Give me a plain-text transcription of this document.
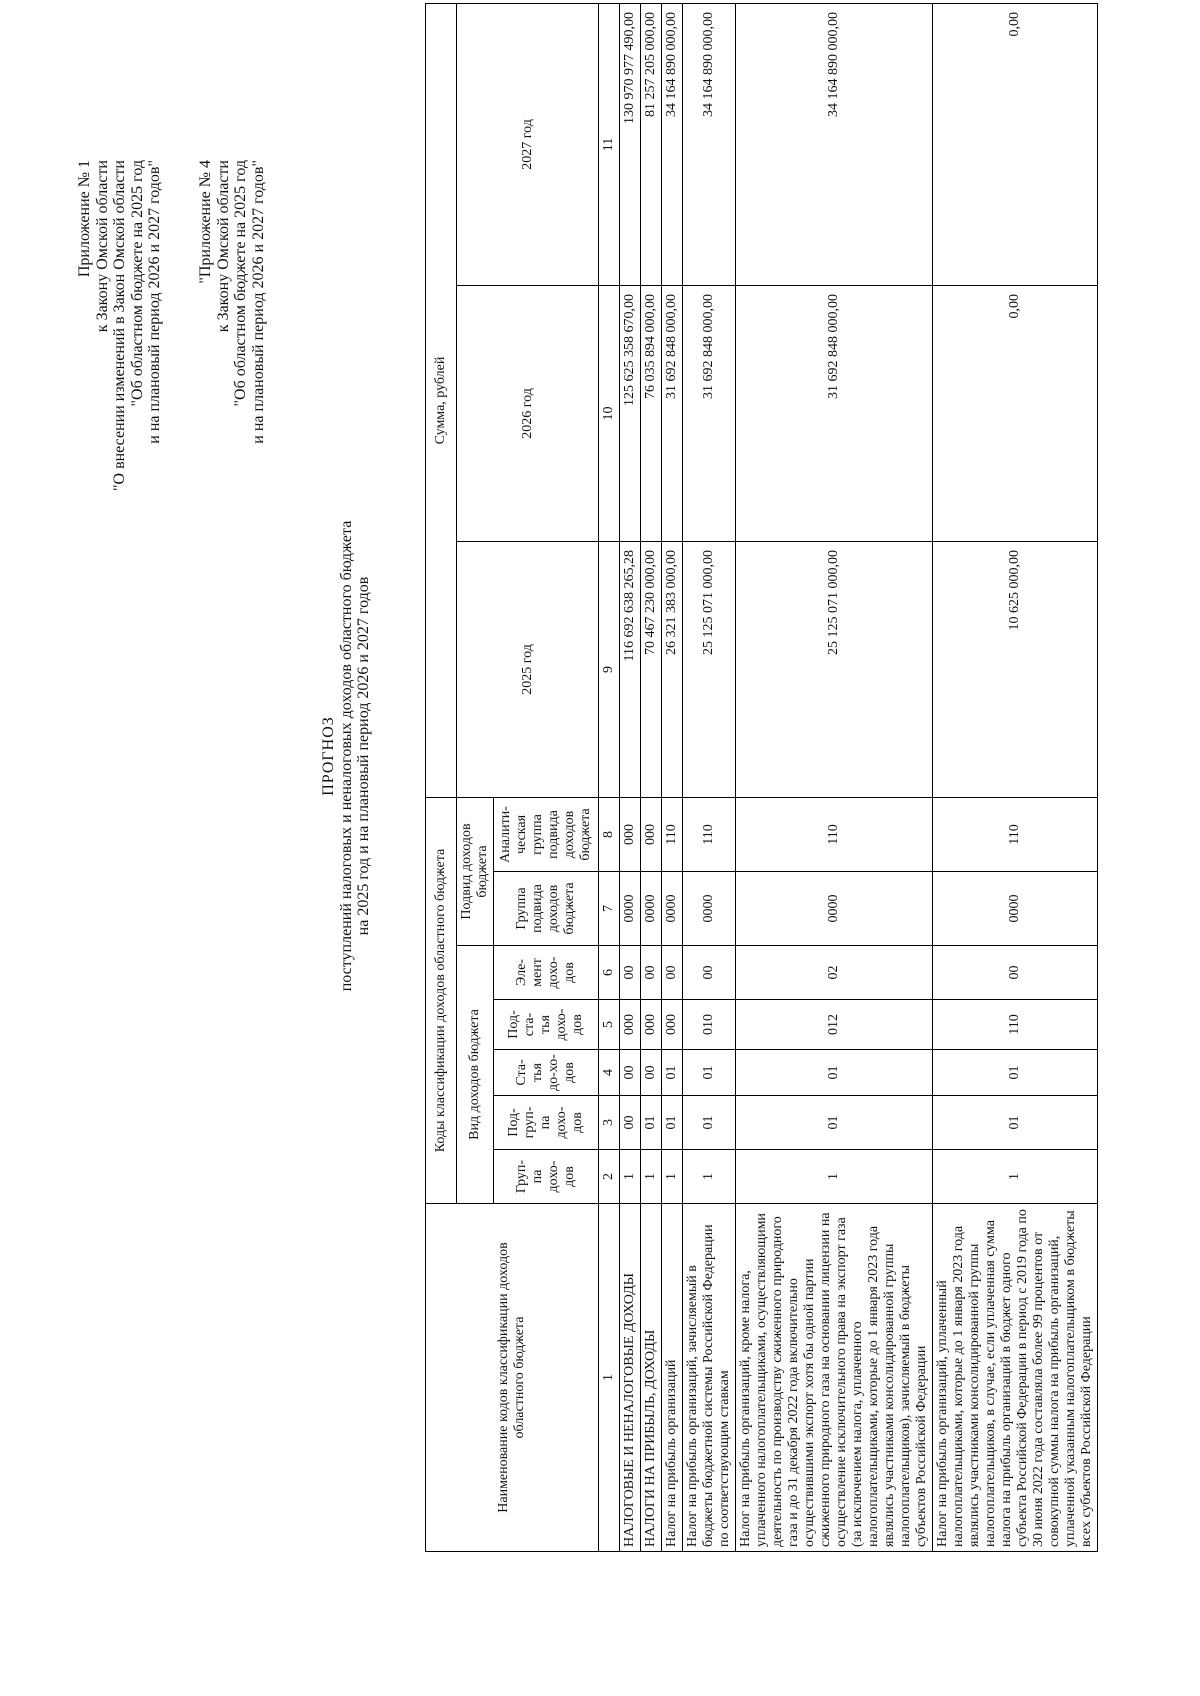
Приложение № 1 к Закону Омской области "О внесении изменений в Закон Омской области "Об областном бюджете на 2025 год и на плановый период 2026 и 2027 годов" "Приложение № 4 к Закону Омской области "Об областном бюджете на 2025 год и на плановый период 2026 и 2027 годов"
ПРОГНОЗ поступлений налоговых и неналоговых доходов областного бюджета на 2025 год и на плановый период 2026 и 2027 годов
Наименование кодов классификации доходов областного бюджета	Коды классификации доходов областного бюджета							Сумма, рублей		
	Вид доходов бюджета					Подвид доходов бюджета		2025 год	2026 год	2027 год
	Груп-па дохо-дов	Под-груп-па дохо-дов	Ста-тья до-хо-дов	Под-ста-тья дохо-дов	Эле-мент дохо-дов	Группа подвида доходов бюджета	Аналити-ческая группа подвида доходов бюджета			
1	2	3	4	5	6	7	8	9	10	11
НАЛОГОВЫЕ И НЕНАЛОГОВЫЕ ДОХОДЫ	1	00	00	000	00	0000	000	116 692 638 265,28	125 625 358 670,00	130 970 977 490,00
НАЛОГИ НА ПРИБЫЛЬ, ДОХОДЫ	1	01	00	000	00	0000	000	70 467 230 000,00	76 035 894 000,00	81 257 205 000,00
Налог на прибыль организаций	1	01	01	000	00	0000	110	26 321 383 000,00	31 692 848 000,00	34 164 890 000,00
Налог на прибыль организаций, зачисляемый в бюджеты бюджетной системы Российской Федерации по соответствующим ставкам	1	01	01	010	00	0000	110	25 125 071 000,00	31 692 848 000,00	34 164 890 000,00
Налог на прибыль организаций, кроме налога, уплаченного налогоплательщиками, осуществляющими деятельность по производству сжиженного природного газа и до 31 декабря 2022 года включительно осуществившими экспорт хотя бы одной партии сжиженного природного газа на основании лицензии на осуществление исключительного права на экспорт газа (за исключением налога, уплаченного налогоплательщиками, которые до 1 января 2023 года являлись участниками консолидированной группы налогоплательщиков), зачисляемый в бюджеты субъектов Российской Федерации	1	01	01	012	02	0000	110	25 125 071 000,00	31 692 848 000,00	34 164 890 000,00
Налог на прибыль организаций, уплаченный налогоплательщиками, которые до 1 января 2023 года являлись участниками консолидированной группы налогоплательщиков, в случае, если уплаченная сумма налога на прибыль организаций в бюджет одного субъекта Российской Федерации в период с 2019 года по 30 июня 2022 года составляла более 99 процентов от совокупной суммы налога на прибыль организаций, уплаченной указанным налогоплательщиком в бюджеты всех субъектов Российской Федерации	1	01	01	110	00	0000	110	10 625 000,00	0,00	0,00
